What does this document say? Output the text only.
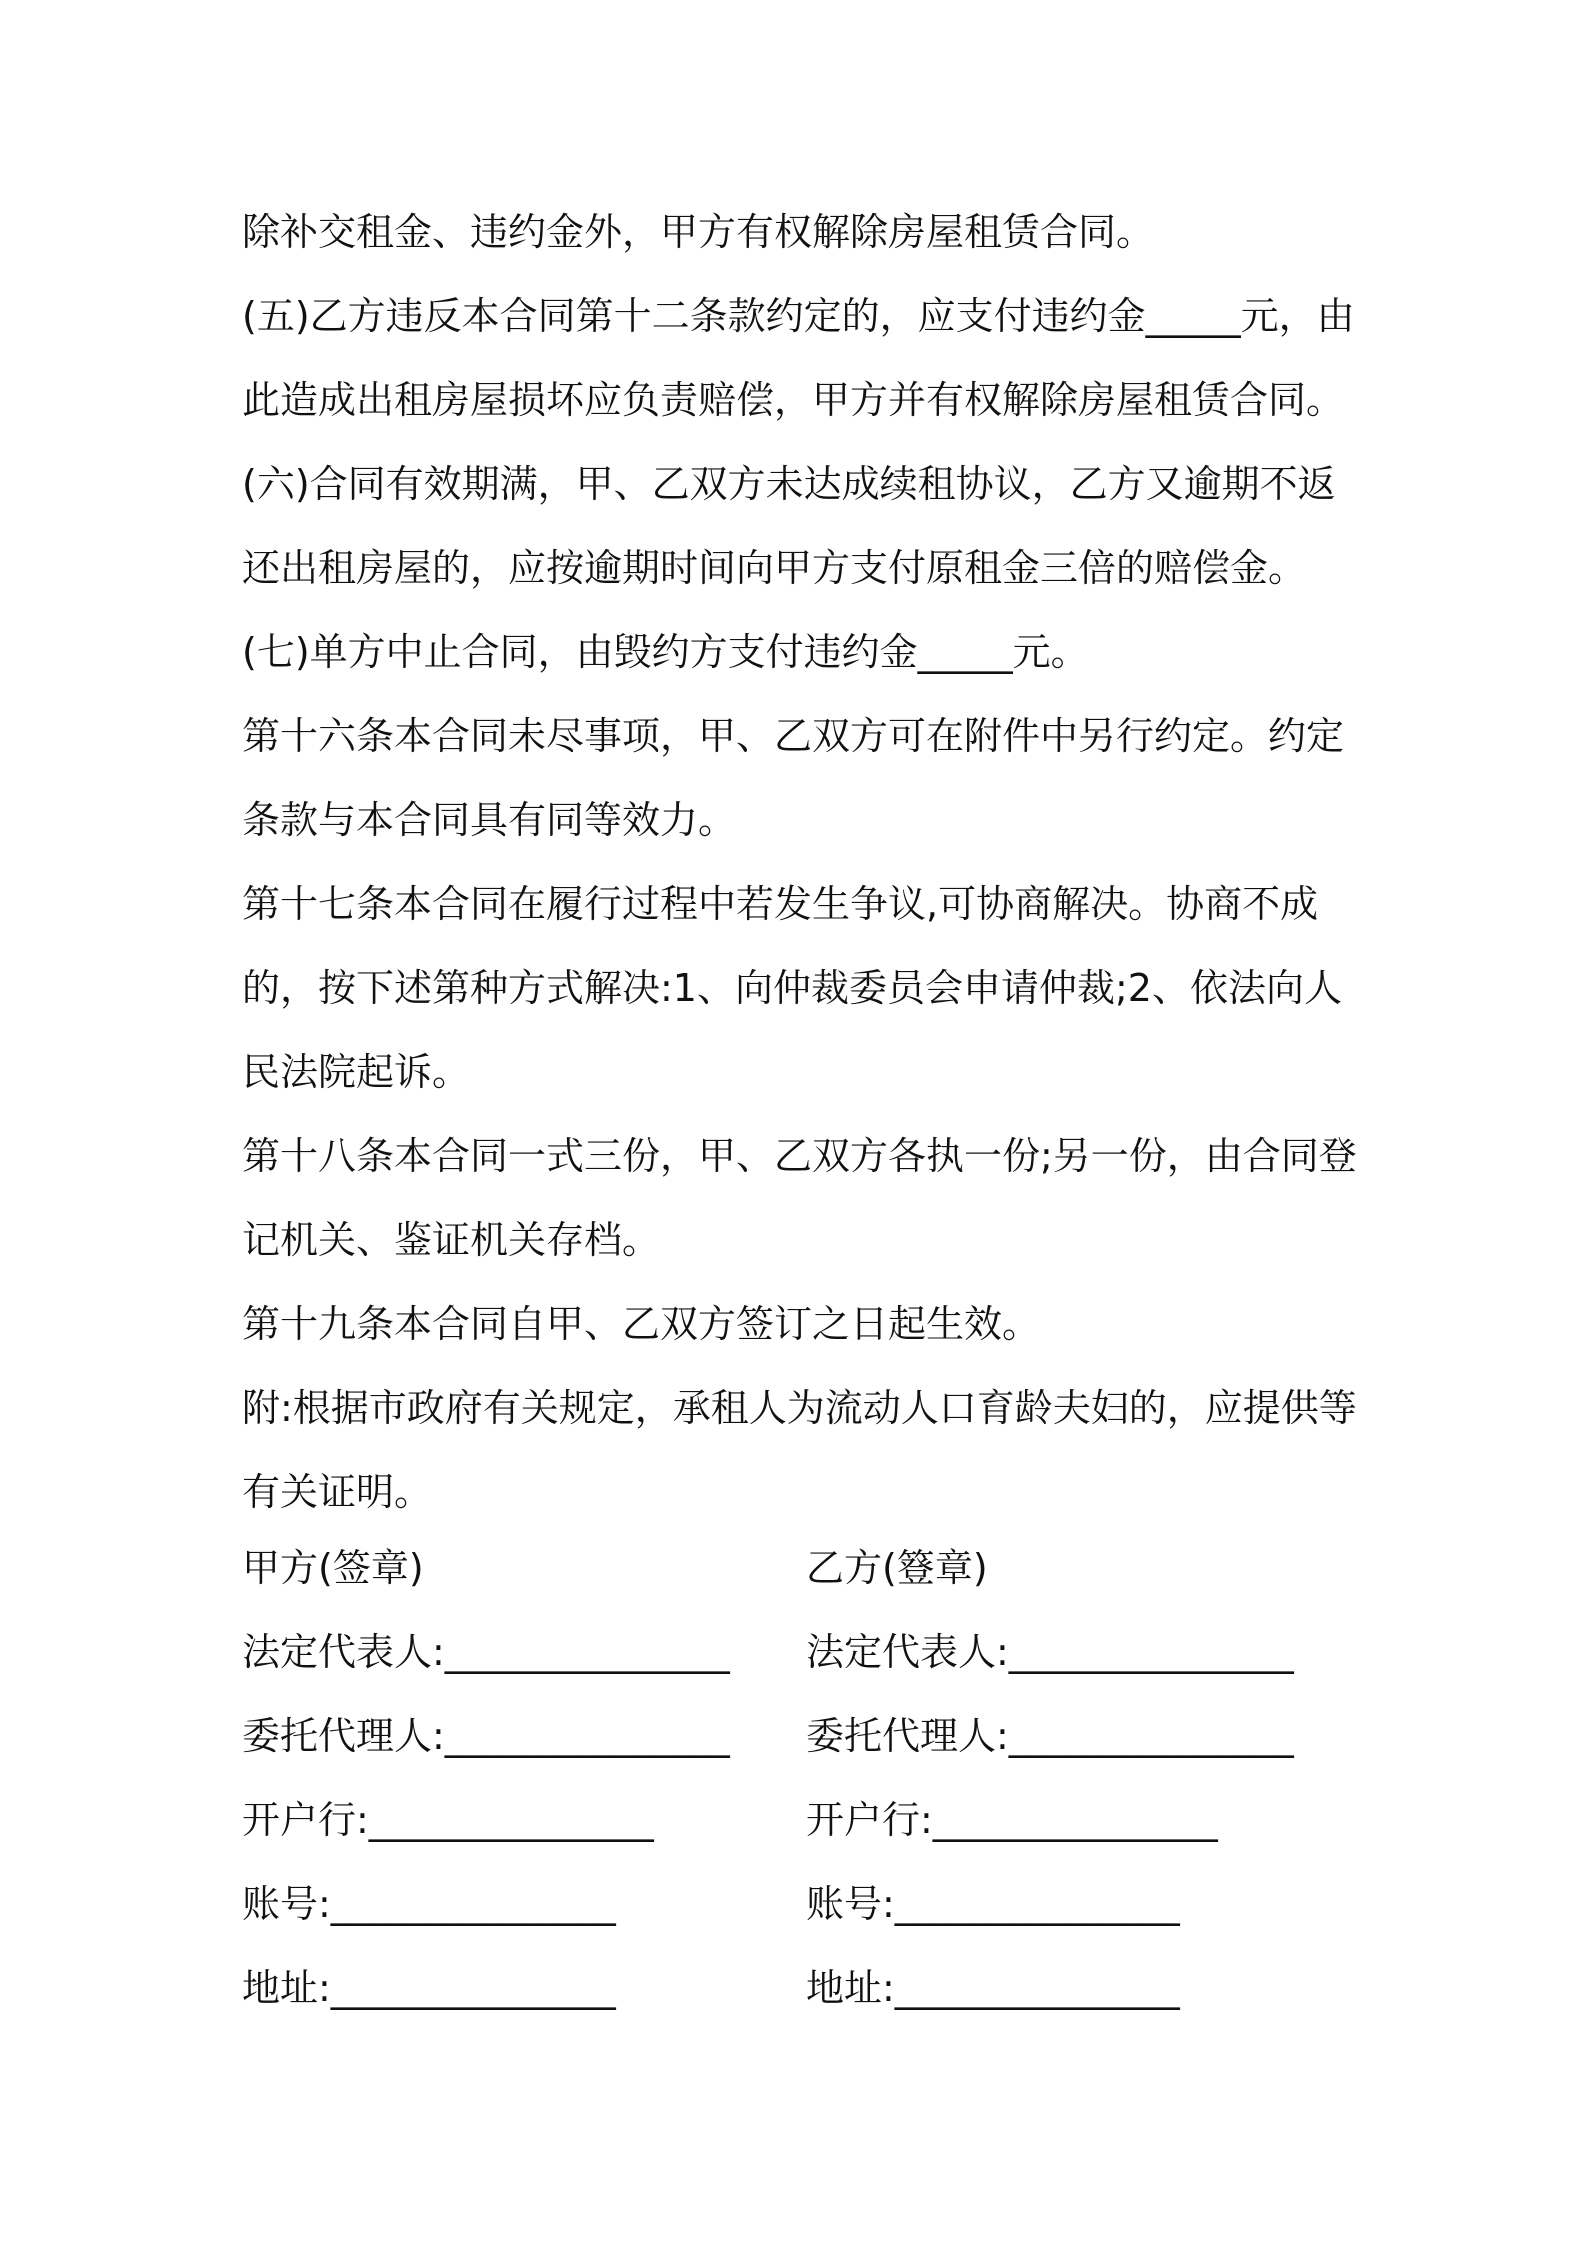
除补交租金、违约金外，甲方有权解除房屋租赁合同。

(五)乙方违反本合同第十二条款约定的，应支付违约金_____元，由此造成出租房屋损坏应负责赔偿，甲方并有权解除房屋租赁合同。

(六)合同有效期满，甲、乙双方未达成续租协议，乙方又逾期不返还出租房屋的，应按逾期时间向甲方支付原租金三倍的赔偿金。

(七)单方中止合同，由毁约方支付违约金_____元。

第十六条本合同未尽事项，甲、乙双方可在附件中另行约定。约定条款与本合同具有同等效力。

第十七条本合同在履行过程中若发生争议,可协商解决。协商不成的，按下述第种方式解决:1、向仲裁委员会申请仲裁;2、依法向人民法院起诉。

第十八条本合同一式三份，甲、乙双方各执一份;另一份，由合同登记机关、鉴证机关存档。

第十九条本合同自甲、乙双方签订之日起生效。

附:根据市政府有关规定，承租人为流动人口育龄夫妇的，应提供等有关证明。

甲方(签章)	乙方(簦章)
法定代表人:_______________	法定代表人:_______________
委托代理人:_______________	委托代理人:_______________
开户行:_______________	开户行:_______________
账号:_______________	账号:_______________
地址:_______________	地址:_______________
